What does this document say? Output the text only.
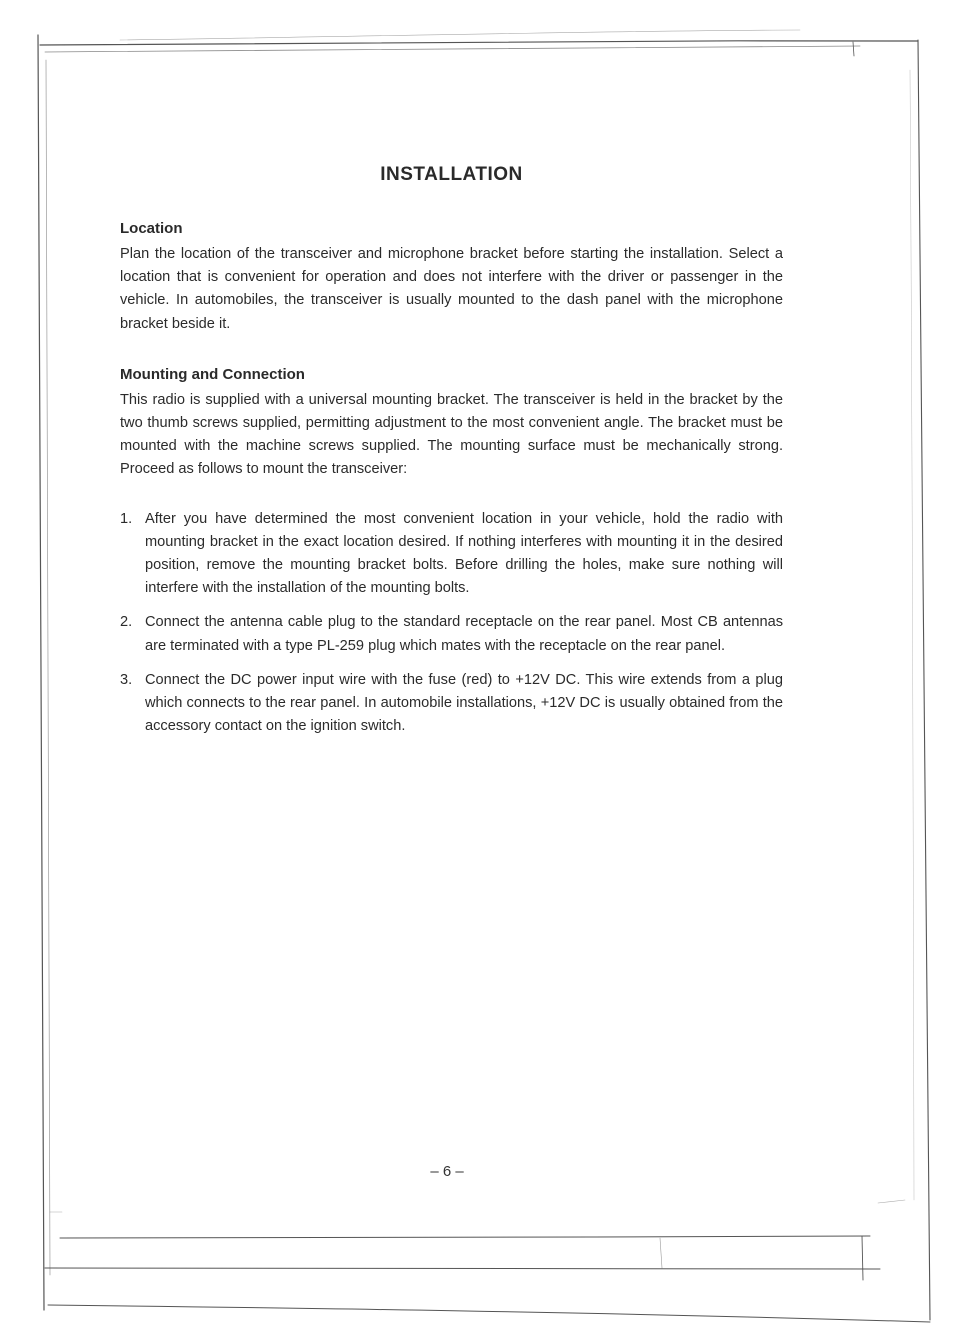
INSTALLATION
Location

Plan the location of the transceiver and microphone bracket before starting the installation. Select a location that is convenient for operation and does not interfere with the driver or passenger in the vehicle. In automobiles, the transceiver is usually mounted to the dash panel with the microphone bracket beside it.

Mounting and Connection

This radio is supplied with a universal mounting bracket. The transceiver is held in the bracket by the two thumb screws supplied, permitting adjustment to the most convenient angle. The bracket must be mounted with the machine screws supplied. The mounting surface must be mechanically strong. Proceed as follows to mount the transceiver:

1. After you have determined the most convenient location in your vehicle, hold the radio with mounting bracket in the exact location desired. If nothing interferes with mounting it in the desired position, remove the mounting bracket bolts. Before drilling the holes, make sure nothing will interfere with the installation of the mounting bolts.
2. Connect the antenna cable plug to the standard receptacle on the rear panel. Most CB antennas are terminated with a type PL-259 plug which mates with the receptacle on the rear panel.
3. Connect the DC power input wire with the fuse (red) to +12V DC. This wire extends from a plug which connects to the rear panel. In automobile installations, +12V DC is usually obtained from the accessory contact on the ignition switch.
– 6 –
